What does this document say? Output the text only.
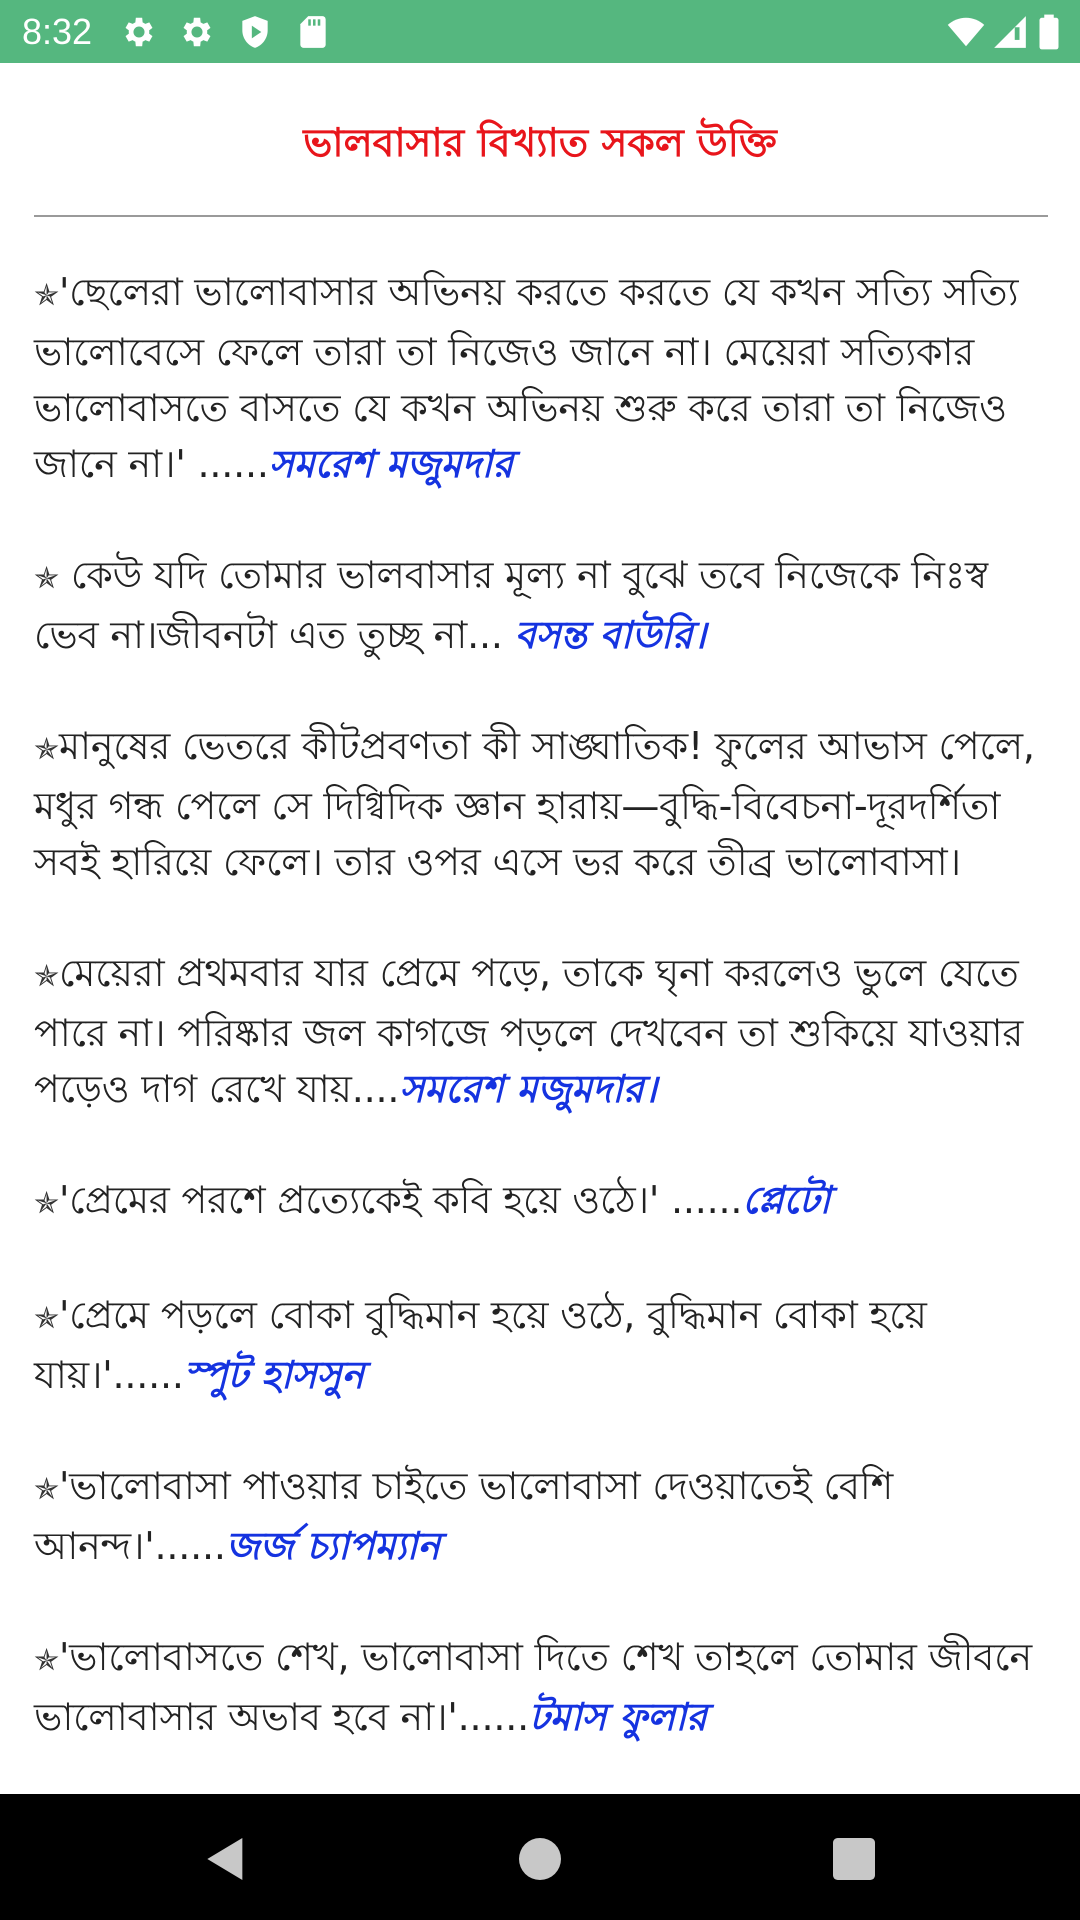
8:32
ভালবাসার বিখ্যাত সকল উক্তি

✯'ছেলেরা ভালোবাসার অভিনয় করতে করতে যে কখন সত্যি সত্যি ভালোবেসে ফেলে তারা তা নিজেও জানে না। মেয়েরা সত্যিকার ভালোবাসতে বাসতে যে কখন অভিনয় শুরু করে তারা তা নিজেও জানে না।' ......সমরেশ মজুমদার

✯ কেউ যদি তোমার ভালবাসার মূল্য না বুঝে তবে নিজেকে নিঃস্ব ভেব না।জীবনটা এত তুচ্ছ না... বসন্ত বাউরি।

✯মানুষের ভেতরে কীটপ্রবণতা কী সাঙ্ঘাতিক! ফুলের আভাস পেলে, মধুর গন্ধ পেলে সে দিগ্বিদিক জ্ঞান হারায়—বুদ্ধি-বিবেচনা-দূরদর্শিতা সবই হারিয়ে ফেলে। তার ওপর এসে ভর করে তীব্র ভালোবাসা।

✯মেয়েরা প্রথমবার যার প্রেমে পড়ে, তাকে ঘৃনা করলেও ভুলে যেতে পারে না। পরিষ্কার জল কাগজে পড়লে দেখবেন তা শুকিয়ে যাওয়ার পড়েও দাগ রেখে যায়....সমরেশ মজুমদার।

✯'প্রেমের পরশে প্রত্যেকেই কবি হয়ে ওঠে।' ......প্লেটো

✯'প্রেমে পড়লে বোকা বুদ্ধিমান হয়ে ওঠে, বুদ্ধিমান বোকা হয়ে যায়।'......স্পুট হাসসুন

✯'ভালোবাসা পাওয়ার চাইতে ভালোবাসা দেওয়াতেই বেশি আনন্দ।'......জর্জ চ্যাপম্যান

✯'ভালোবাসতে শেখ, ভালোবাসা দিতে শেখ তাহলে তোমার জীবনে ভালোবাসার অভাব হবে না।'......টমাস ফুলার
